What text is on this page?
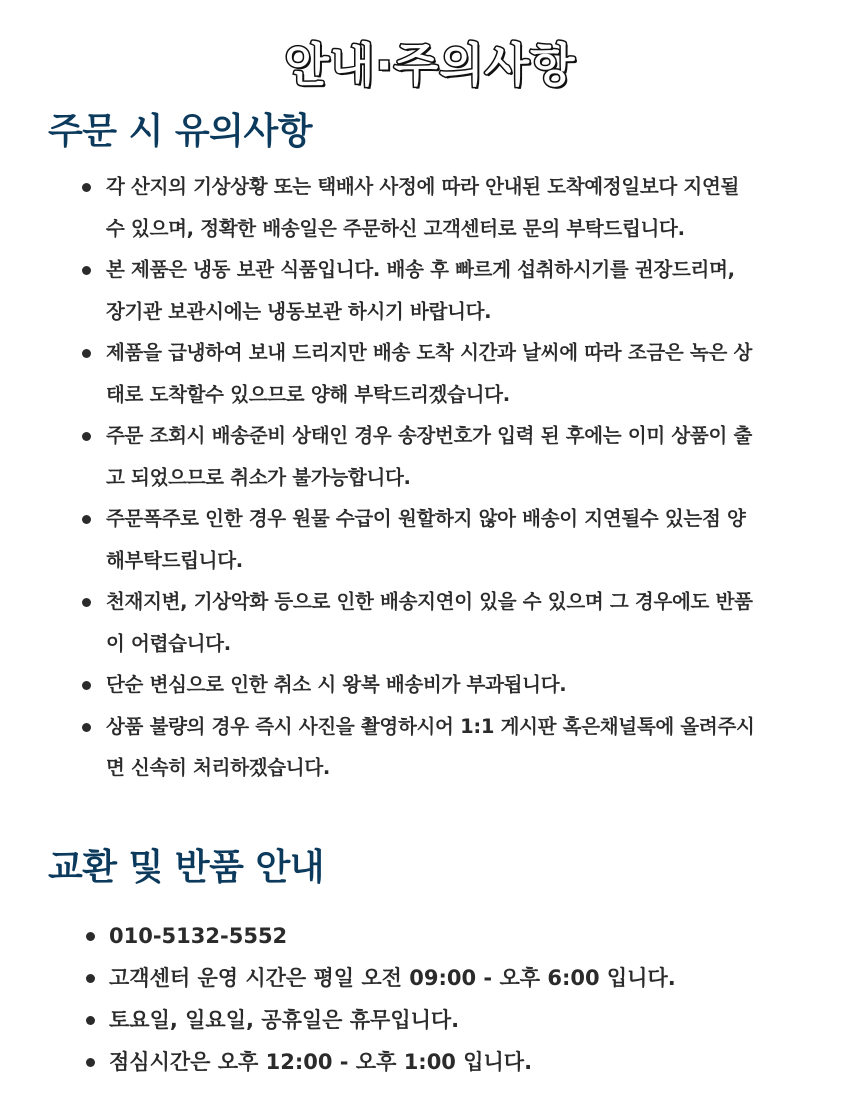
안내·주의사항
주문 시 유의사항
각 산지의 기상상황 또는 택배사 사정에 따라 안내된 도착예정일보다 지연될 수 있으며, 정확한 배송일은 주문하신 고객센터로 문의 부탁드립니다.
본 제품은 냉동 보관 식품입니다. 배송 후 빠르게 섭취하시기를 권장드리며, 장기관 보관시에는 냉동보관 하시기 바랍니다.
제품을 급냉하여 보내 드리지만 배송 도착 시간과 날씨에 따라 조금은 녹은 상태로 도착할수 있으므로 양해 부탁드리겠습니다.
주문 조회시 배송준비 상태인 경우 송장번호가 입력 된 후에는 이미 상품이 출고 되었으므로 취소가 불가능합니다.
주문폭주로 인한 경우 원물 수급이 원할하지 않아 배송이 지연될수 있는점 양해부탁드립니다.
천재지변, 기상악화 등으로 인한 배송지연이 있을 수 있으며 그 경우에도 반품이 어렵습니다.
단순 변심으로 인한 취소 시 왕복 배송비가 부과됩니다.
상품 불량의 경우 즉시 사진을 촬영하시어 1:1 게시판 혹은채널톡에 올려주시면 신속히 처리하겠습니다.
교환 및 반품 안내
010-5132-5552
고객센터 운영 시간은 평일 오전 09:00 - 오후 6:00 입니다.
토요일, 일요일, 공휴일은 휴무입니다.
점심시간은 오후 12:00 - 오후 1:00 입니다.
